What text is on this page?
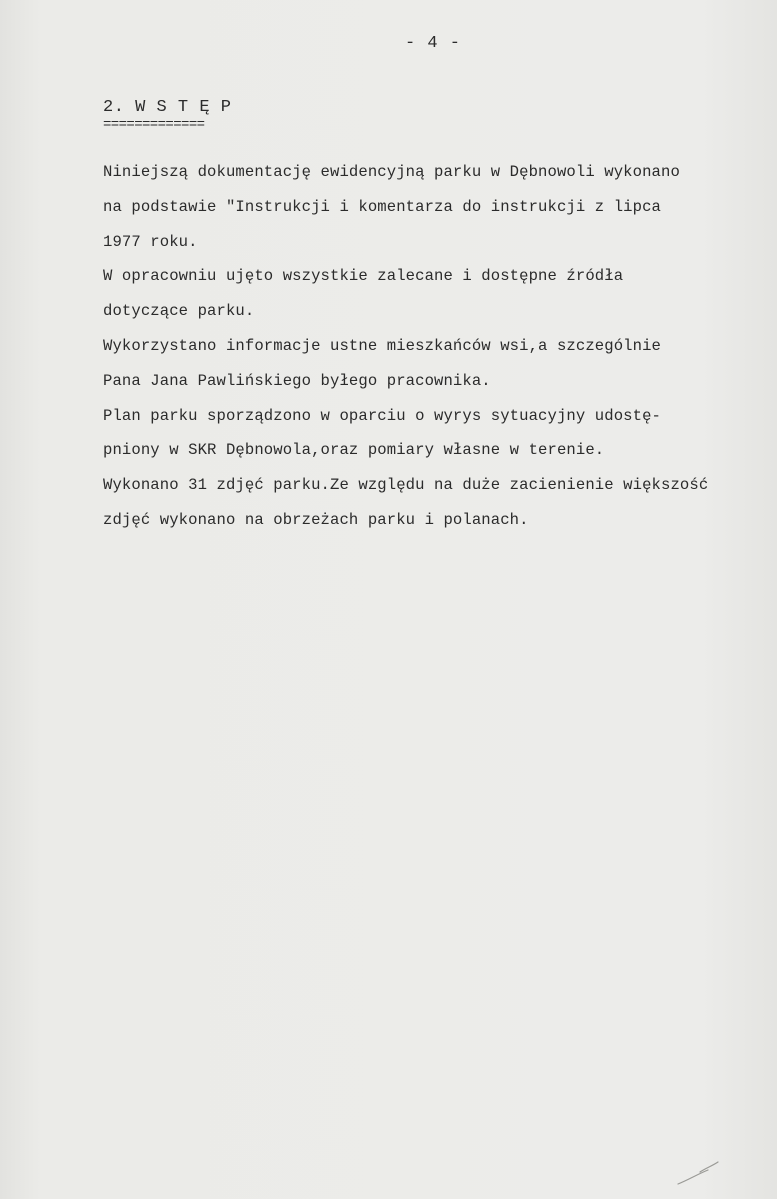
- 4 -
2. W S T Ę P
=============
Niniejszą dokumentację ewidencyjną parku w Dębnowoli wykonano
na podstawie "Instrukcji i komentarza do instrukcji z lipca
1977 roku.
W opracowniu ujęto wszystkie zalecane i dostępne źródła
dotyczące parku.
Wykorzystano informacje ustne mieszkańców wsi,a szczególnie
Pana Jana Pawlińskiego byłego pracownika.
Plan parku sporządzono w oparciu o wyrys sytuacyjny udostę-
pniony w SKR Dębnowola,oraz pomiary własne w terenie.
Wykonano 31 zdjęć parku.Ze względu na duże zacienienie większość
zdjęć wykonano na obrzeżach parku i polanach.
